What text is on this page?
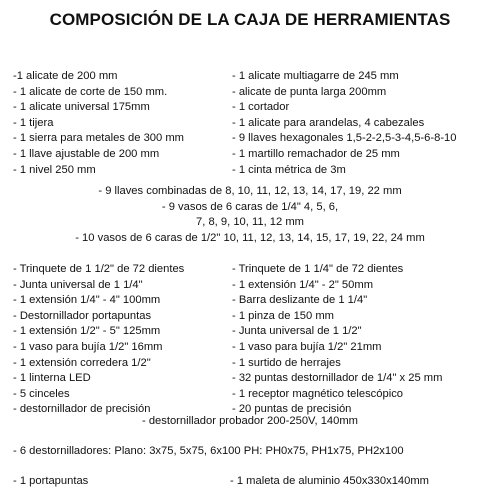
COMPOSICIÓN DE LA CAJA DE HERRAMIENTAS
-1 alicate de 200 mm
- 1 alicate de corte de 150 mm.
- 1 alicate universal 175mm
- 1 tijera
- 1 sierra para metales de 300 mm
- 1 llave ajustable de 200 mm
- 1 nivel 250 mm
- 1 alicate multiagarre de 245 mm
- alicate de punta larga 200mm
- 1 cortador
- 1 alicate para arandelas, 4 cabezales
- 9 llaves hexagonales 1,5-2-2,5-3-4,5-6-8-10
- 1 martillo remachador de 25 mm
- 1 cinta métrica de 3m
- 9 llaves combinadas de 8, 10, 11, 12, 13, 14, 17, 19, 22 mm
- 9 vasos de 6 caras de 1/4" 4, 5, 6,
7, 8, 9, 10, 11, 12 mm
- 10 vasos de 6 caras de 1/2" 10, 11, 12, 13, 14, 15, 17, 19, 22, 24 mm
- Trinquete de 1 1/2" de 72 dientes
- Junta universal de 1 1/4"
- 1 extensión 1/4" - 4" 100mm
- Destornillador portapuntas
- 1 extensión 1/2" - 5" 125mm
- 1 vaso para bujía 1/2" 16mm
- 1 extensión corredera 1/2"
- 1 linterna LED
- 5 cinceles
- destornillador de precisión
- Trinquete de 1 1/4" de 72 dientes
- 1 extensión 1/4" - 2" 50mm
- Barra deslizante de 1 1/4"
- 1 pinza de 150 mm
- Junta universal de 1 1/2"
- 1 vaso para bujía 1/2" 21mm
- 1 surtido de herrajes
- 32 puntas destornillador de 1/4" x 25 mm
- 1 receptor magnético telescópico
- 20 puntas de precisión
- destornillador probador 200-250V, 140mm
- 6 destornilladores: Plano: 3x75, 5x75, 6x100 PH: PH0x75, PH1x75, PH2x100
- 1 portapuntas	- 1 maleta de aluminio 450x330x140mm
